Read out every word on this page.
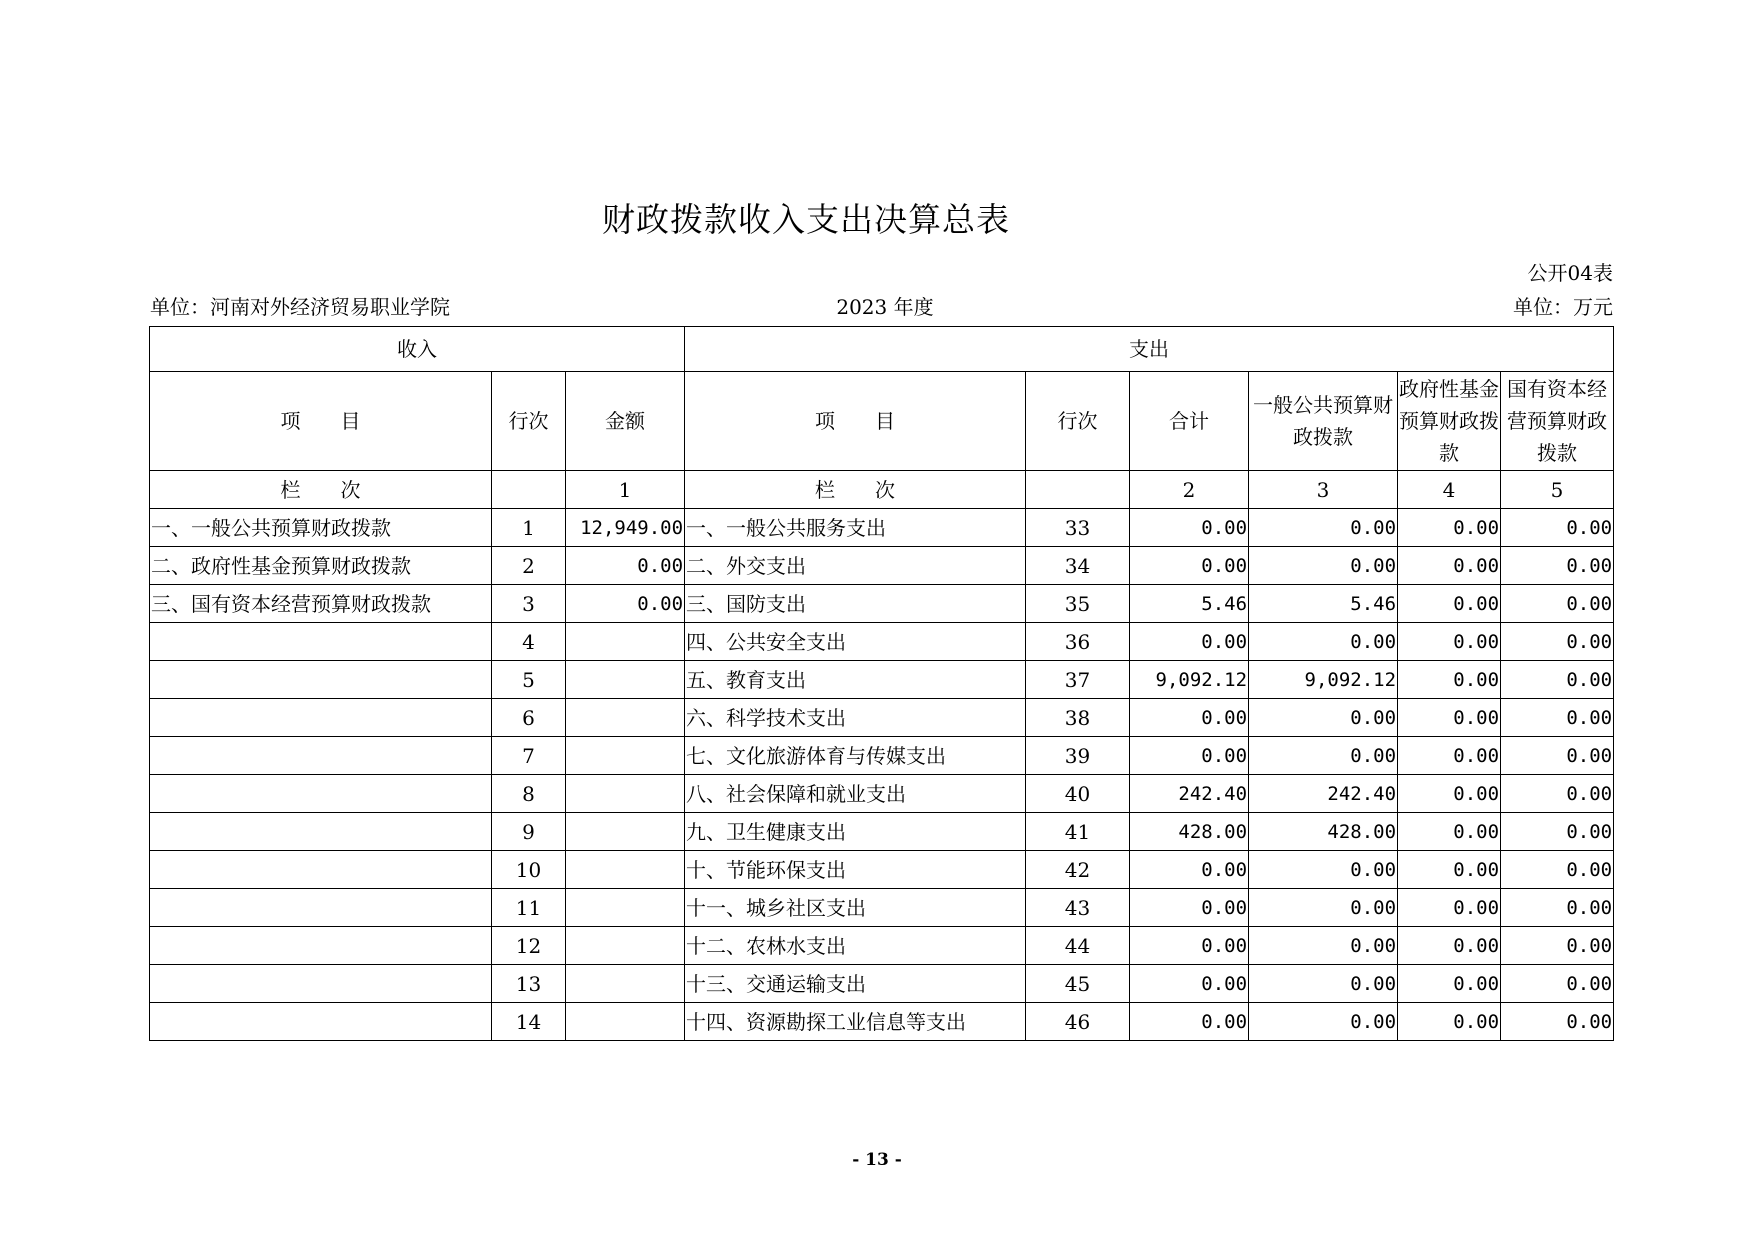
财政拨款收入支出决算总表
公开04表
单位：河南对外经济贸易职业学院	2023 年度	单位：万元
收入			支出					
项　　目	行次	金额	项　　目	行次	合计	一般公共预算财政拨款	政府性基金预算财政拨款	国有资本经营预算财政拨款
栏　　次		1	栏　　次		2	3	4	5
一、一般公共预算财政拨款	1	12,949.00	一、一般公共服务支出	33	0.00	0.00	0.00	0.00
二、政府性基金预算财政拨款	2	0.00	二、外交支出	34	0.00	0.00	0.00	0.00
三、国有资本经营预算财政拨款	3	0.00	三、国防支出	35	5.46	5.46	0.00	0.00
	4		四、公共安全支出	36	0.00	0.00	0.00	0.00
	5		五、教育支出	37	9,092.12	9,092.12	0.00	0.00
	6		六、科学技术支出	38	0.00	0.00	0.00	0.00
	7		七、文化旅游体育与传媒支出	39	0.00	0.00	0.00	0.00
	8		八、社会保障和就业支出	40	242.40	242.40	0.00	0.00
	9		九、卫生健康支出	41	428.00	428.00	0.00	0.00
	10		十、节能环保支出	42	0.00	0.00	0.00	0.00
	11		十一、城乡社区支出	43	0.00	0.00	0.00	0.00
	12		十二、农林水支出	44	0.00	0.00	0.00	0.00
	13		十三、交通运输支出	45	0.00	0.00	0.00	0.00
	14		十四、资源勘探工业信息等支出	46	0.00	0.00	0.00	0.00
- 13 -
